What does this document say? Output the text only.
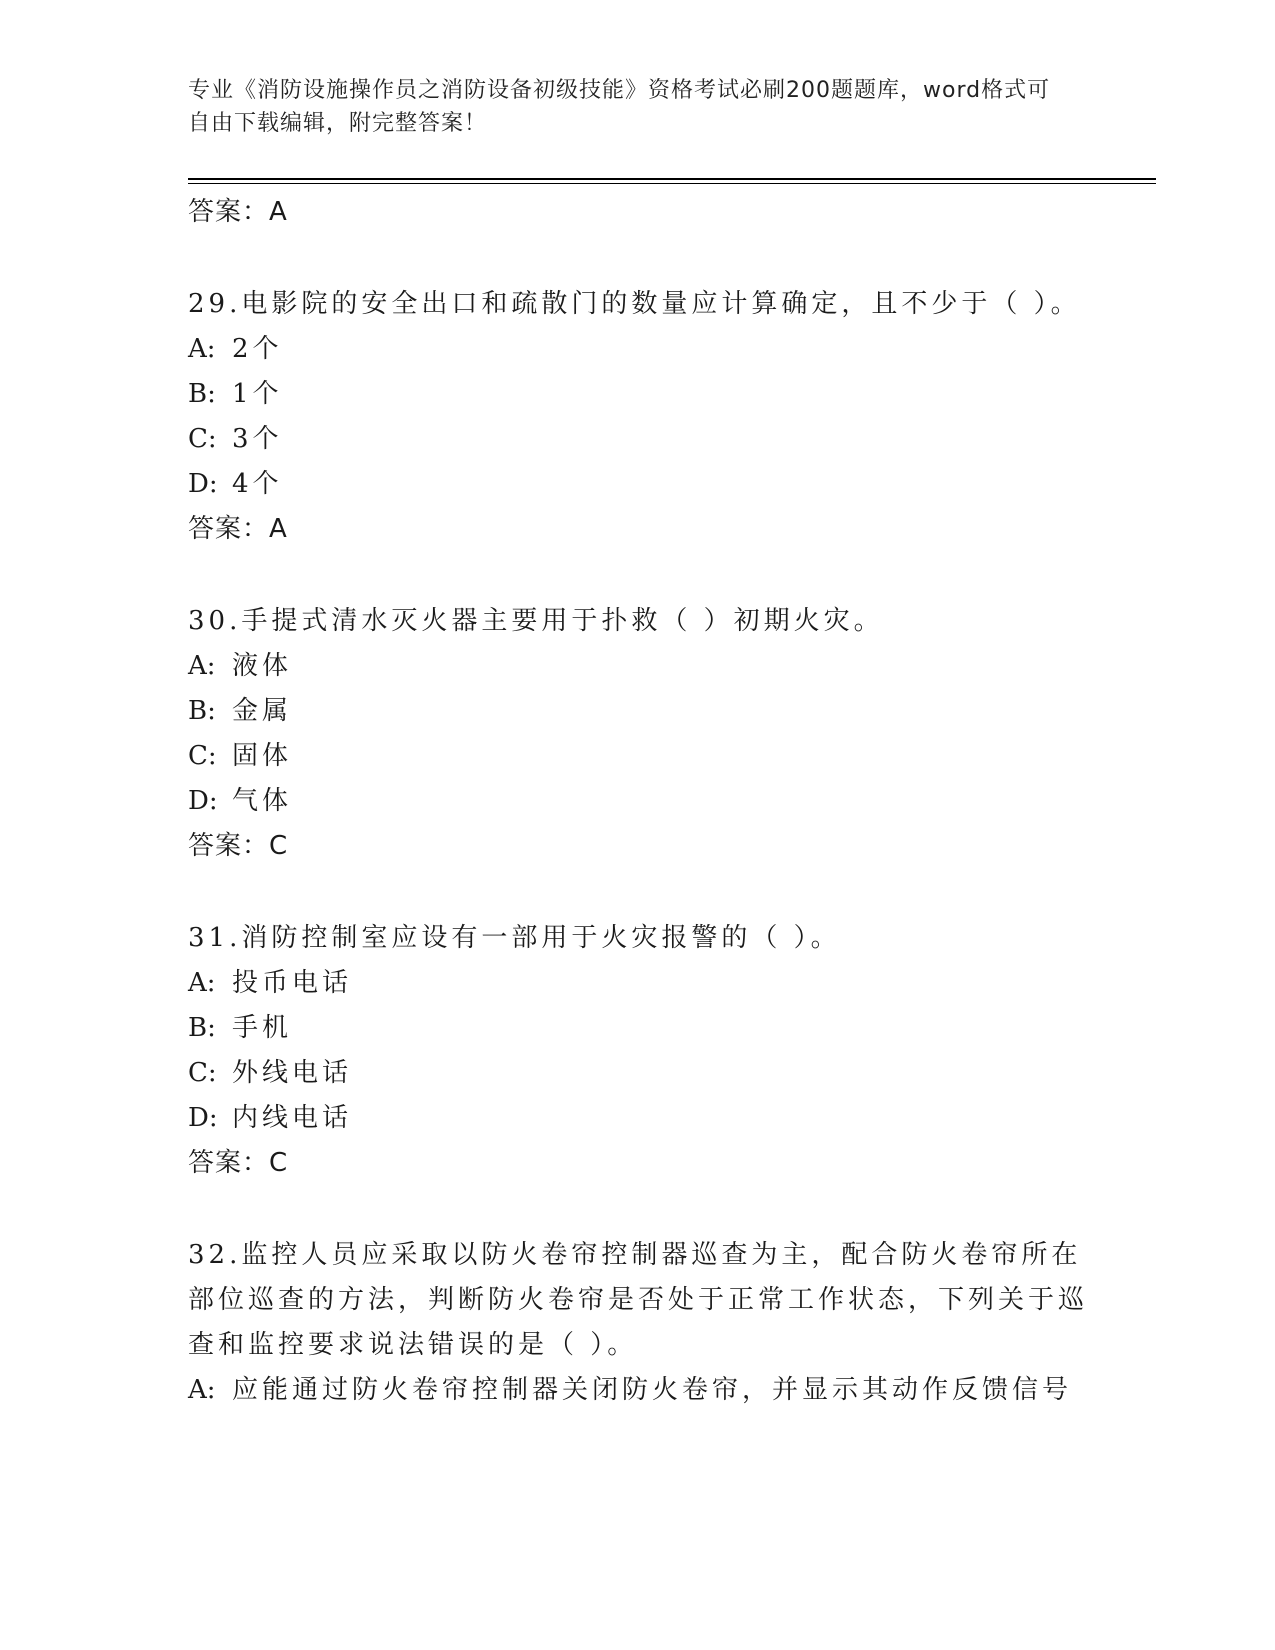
专业《消防设施操作员之消防设备初级技能》资格考试必刷200题题库，word格式可自由下载编辑，附完整答案！
答案：A
29.电影院的安全出口和疏散门的数量应计算确定，且不少于（ ）。
A: 2个
B: 1个
C: 3个
D: 4个
答案：A
30.手提式清水灭火器主要用于扑救（ ）初期火灾。
A: 液体
B: 金属
C: 固体
D: 气体
答案：C
31.消防控制室应设有一部用于火灾报警的（ ）。
A: 投币电话
B: 手机
C: 外线电话
D: 内线电话
答案：C
32.监控人员应采取以防火卷帘控制器巡查为主，配合防火卷帘所在部位巡查的方法，判断防火卷帘是否处于正常工作状态，下列关于巡查和监控要求说法错误的是（ ）。
A: 应能通过防火卷帘控制器关闭防火卷帘，并显示其动作反馈信号
